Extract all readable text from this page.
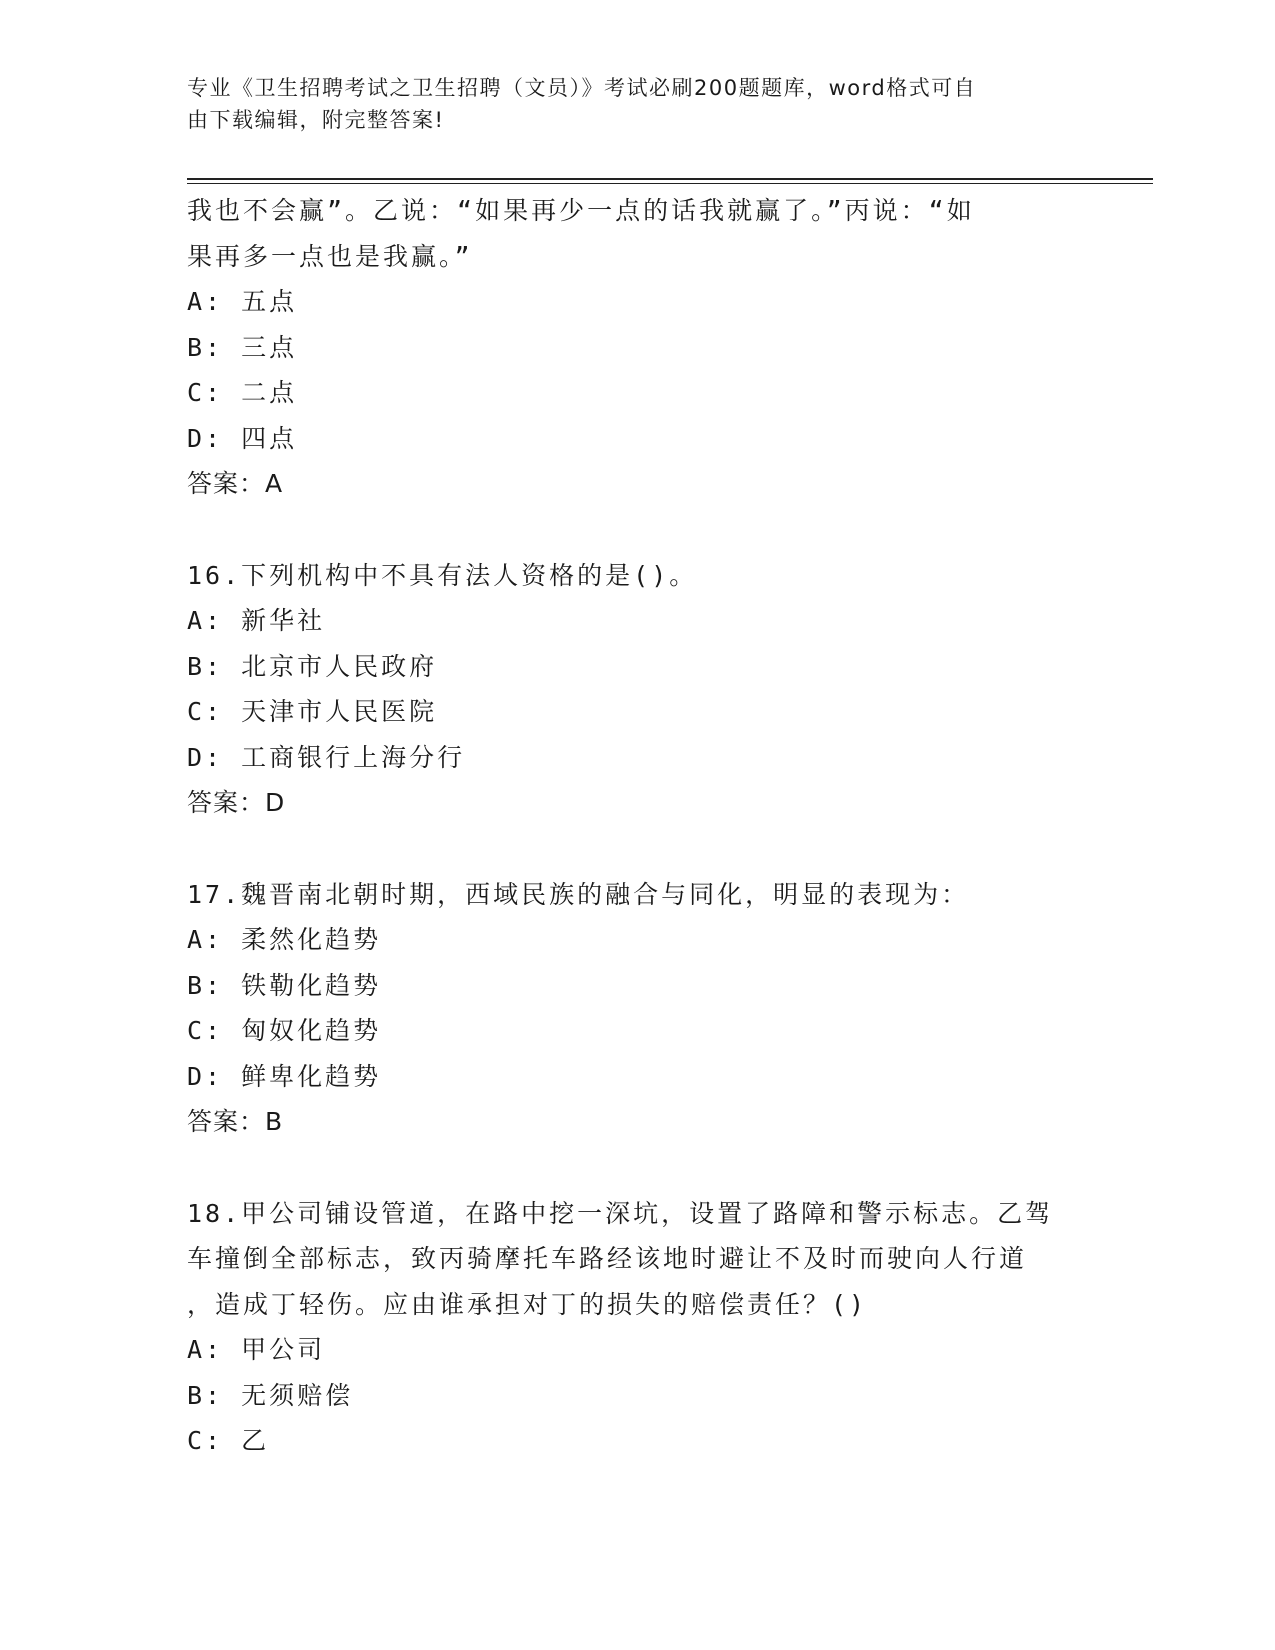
专业《卫生招聘考试之卫生招聘（文员）》考试必刷200题题库，word格式可自
由下载编辑，附完整答案!
我也不会赢”。乙说：“如果再少一点的话我就赢了。”丙说：“如
果再多一点也是我赢。”
A: 五点
B: 三点
C: 二点
D: 四点
答案：A
16.下列机构中不具有法人资格的是()。
A: 新华社
B: 北京市人民政府
C: 天津市人民医院
D: 工商银行上海分行
答案：D
17.魏晋南北朝时期，西域民族的融合与同化，明显的表现为：
A: 柔然化趋势
B: 铁勒化趋势
C: 匈奴化趋势
D: 鲜卑化趋势
答案：B
18.甲公司铺设管道，在路中挖一深坑，设置了路障和警示标志。乙驾
车撞倒全部标志，致丙骑摩托车路经该地时避让不及时而驶向人行道
，造成丁轻伤。应由谁承担对丁的损失的赔偿责任？()
A: 甲公司
B: 无须赔偿
C: 乙
